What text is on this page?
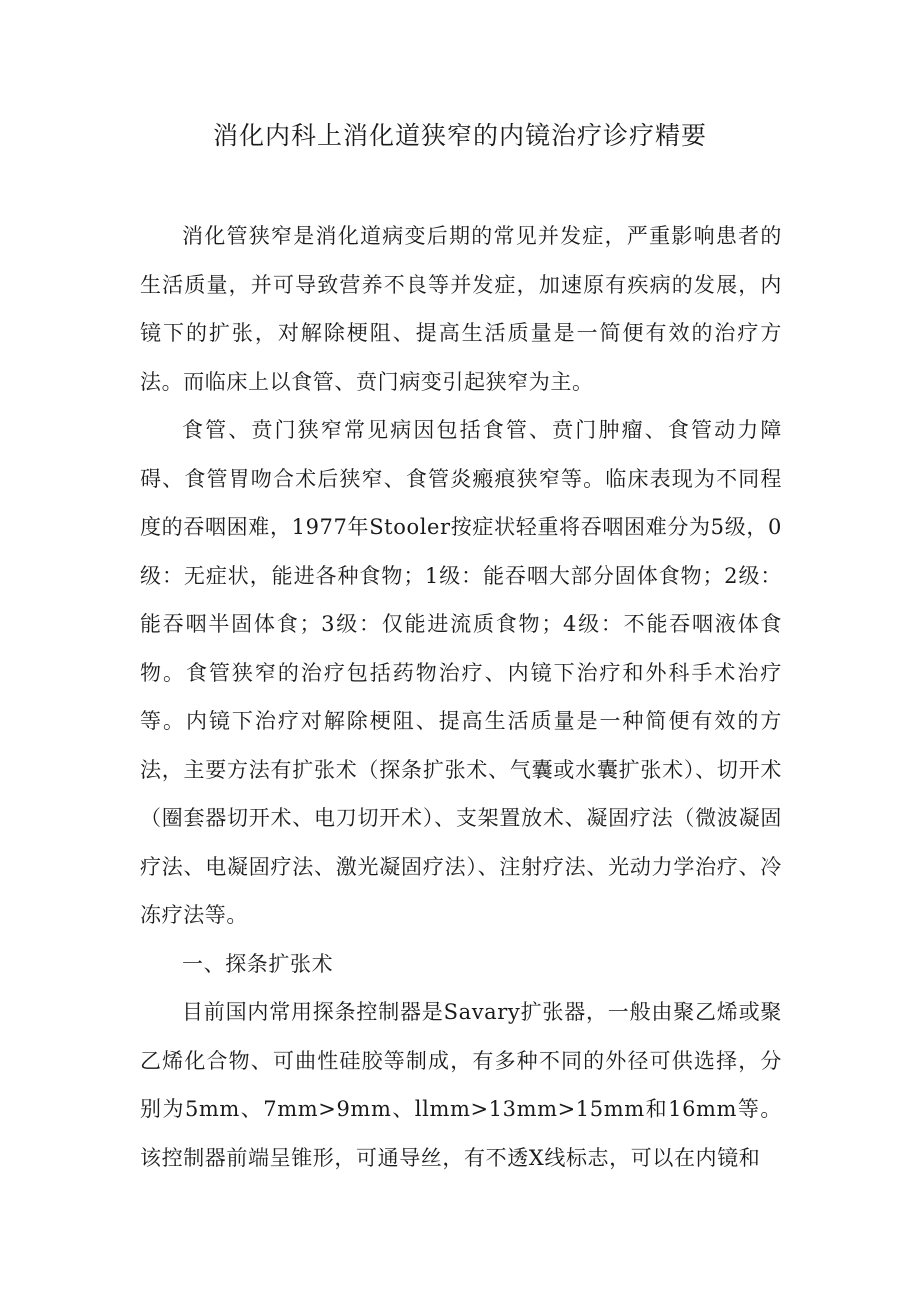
消化内科上消化道狭窄的内镜治疗诊疗精要

消化管狭窄是消化道病变后期的常见并发症，严重影响患者的生活质量，并可导致营养不良等并发症，加速原有疾病的发展，内镜下的扩张，对解除梗阻、提高生活质量是一简便有效的治疗方法。而临床上以食管、贲门病变引起狭窄为主。

食管、贲门狭窄常见病因包括食管、贲门肿瘤、食管动力障碍、食管胃吻合术后狭窄、食管炎瘢痕狭窄等。临床表现为不同程度的吞咽困难，1977年Stooler按症状轻重将吞咽困难分为5级，0级：无症状，能进各种食物；1级：能吞咽大部分固体食物；2级：能吞咽半固体食；3级：仅能进流质食物；4级：不能吞咽液体食物。食管狭窄的治疗包括药物治疗、内镜下治疗和外科手术治疗等。内镜下治疗对解除梗阻、提高生活质量是一种简便有效的方法，主要方法有扩张术（探条扩张术、气囊或水囊扩张术）、切开术（圈套器切开术、电刀切开术）、支架置放术、凝固疗法（微波凝固疗法、电凝固疗法、激光凝固疗法）、注射疗法、光动力学治疗、冷冻疗法等。

一、探条扩张术

目前国内常用探条控制器是Savary扩张器，一般由聚乙烯或聚乙烯化合物、可曲性硅胶等制成，有多种不同的外径可供选择，分别为5mm、7mm>9mm、llmm>13mm>15mm和16mm等。该控制器前端呈锥形，可通导丝，有不透X线标志，可以在内镜和
